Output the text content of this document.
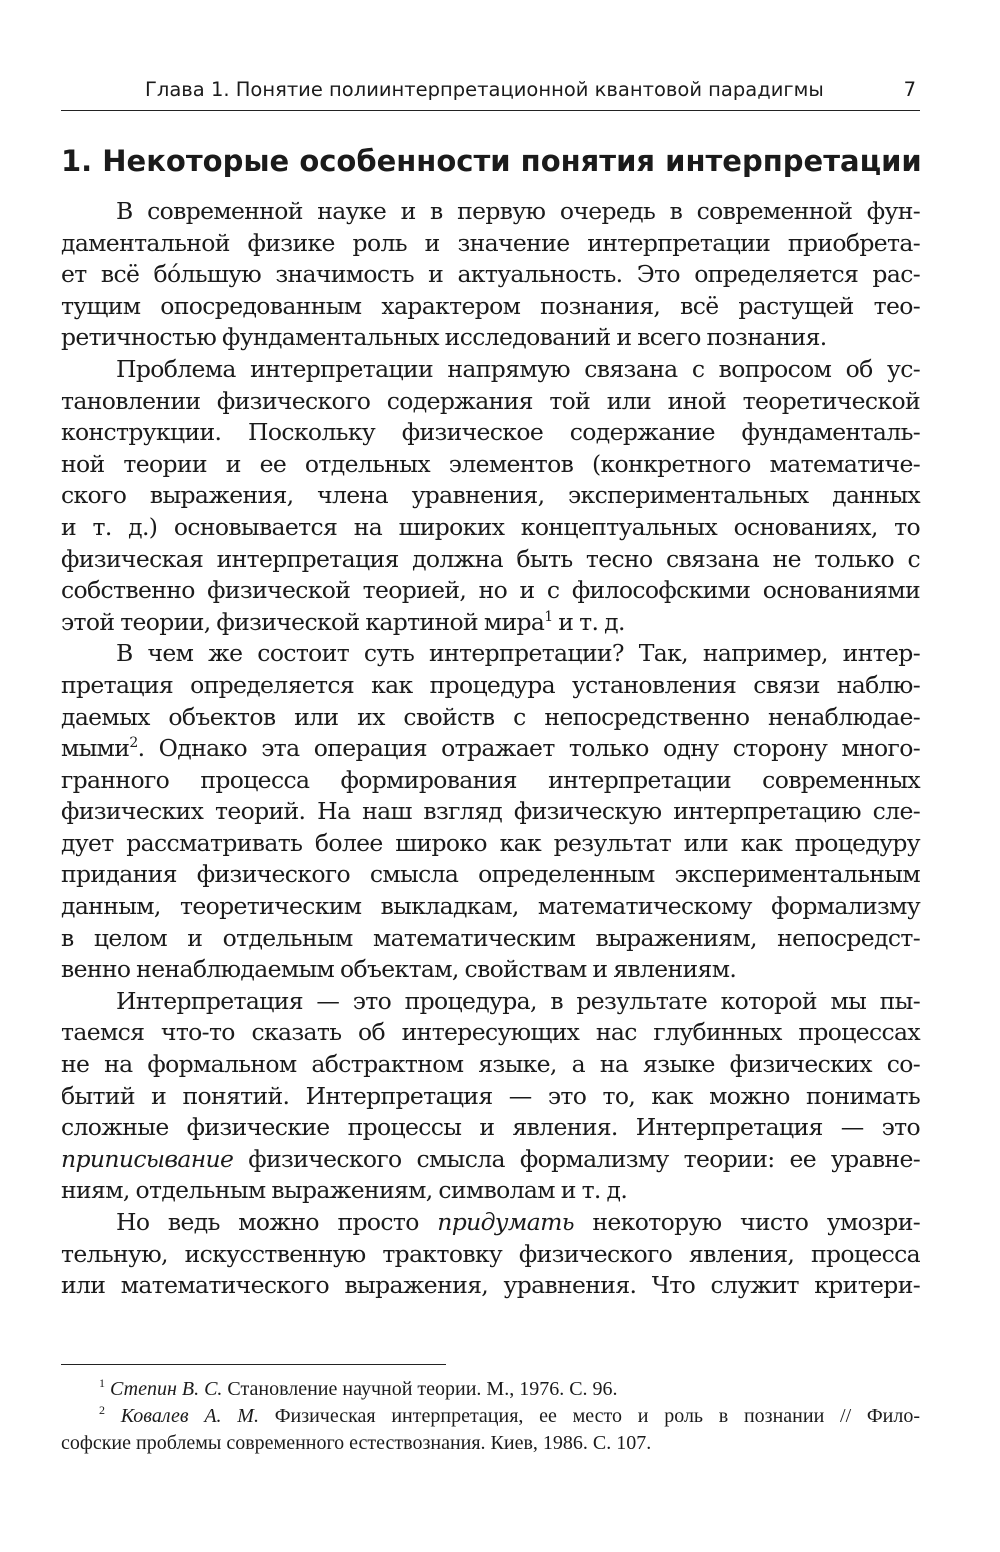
Глава 1. Понятие полиинтерпретационной квантовой парадигмы	7
1. Некоторые особенности понятия интерпретации
В современной науке и в первую очередь в современной фун-
даментальной физике роль и значение интерпретации приобрета-
ет всё бо́льшую значимость и актуальность. Это определяется рас-
тущим опосредованным характером познания, всё растущей тео-
ретичностью фундаментальных исследований и всего познания.
Проблема интерпретации напрямую связана с вопросом об ус-
тановлении физического содержания той или иной теоретической
конструкции. Поскольку физическое содержание фундаменталь-
ной теории и ее отдельных элементов (конкретного математиче-
ского выражения, члена уравнения, экспериментальных данных
и т. д.) основывается на широких концептуальных основаниях, то
физическая интерпретация должна быть тесно связана не только с
собственно физической теорией, но и с философскими основаниями
этой теории, физической картиной мира$^1$ и т. д.
В чем же состоит суть интерпретации? Так, например, интер-
претация определяется как процедура установления связи наблю-
даемых объектов или их свойств с непосредственно ненаблюдае-
мыми$^2$. Однако эта операция отражает только одну сторону много-
гранного процесса формирования интерпретации современных
физических теорий. На наш взгляд физическую интерпретацию сле-
дует рассматривать более широко как результат или как процедуру
придания физического смысла определенным экспериментальным
данным, теоретическим выкладкам, математическому формализму
в целом и отдельным математическим выражениям, непосредст-
венно ненаблюдаемым объектам, свойствам и явлениям.
Интерпретация — это процедура, в результате которой мы пы-
таемся что-то сказать об интересующих нас глубинных процессах
не на формальном абстрактном языке, а на языке физических со-
бытий и понятий. Интерпретация — это то, как можно понимать
сложные физические процессы и явления. Интерпретация — это
приписывание физического смысла формализму теории: ее уравне-
ниям, отдельным выражениям, символам и т. д.
Но ведь можно просто придумать некоторую чисто умозри-
тельную, искусственную трактовку физического явления, процесса
или математического выражения, уравнения. Что служит критери-
$^1$ Степин В. С. Становление научной теории. М., 1976. С. 96.
$^2$ Ковалев А. М. Физическая интерпретация, ее место и роль в познании // Фило-
софские проблемы современного естествознания. Киев, 1986. С. 107.
